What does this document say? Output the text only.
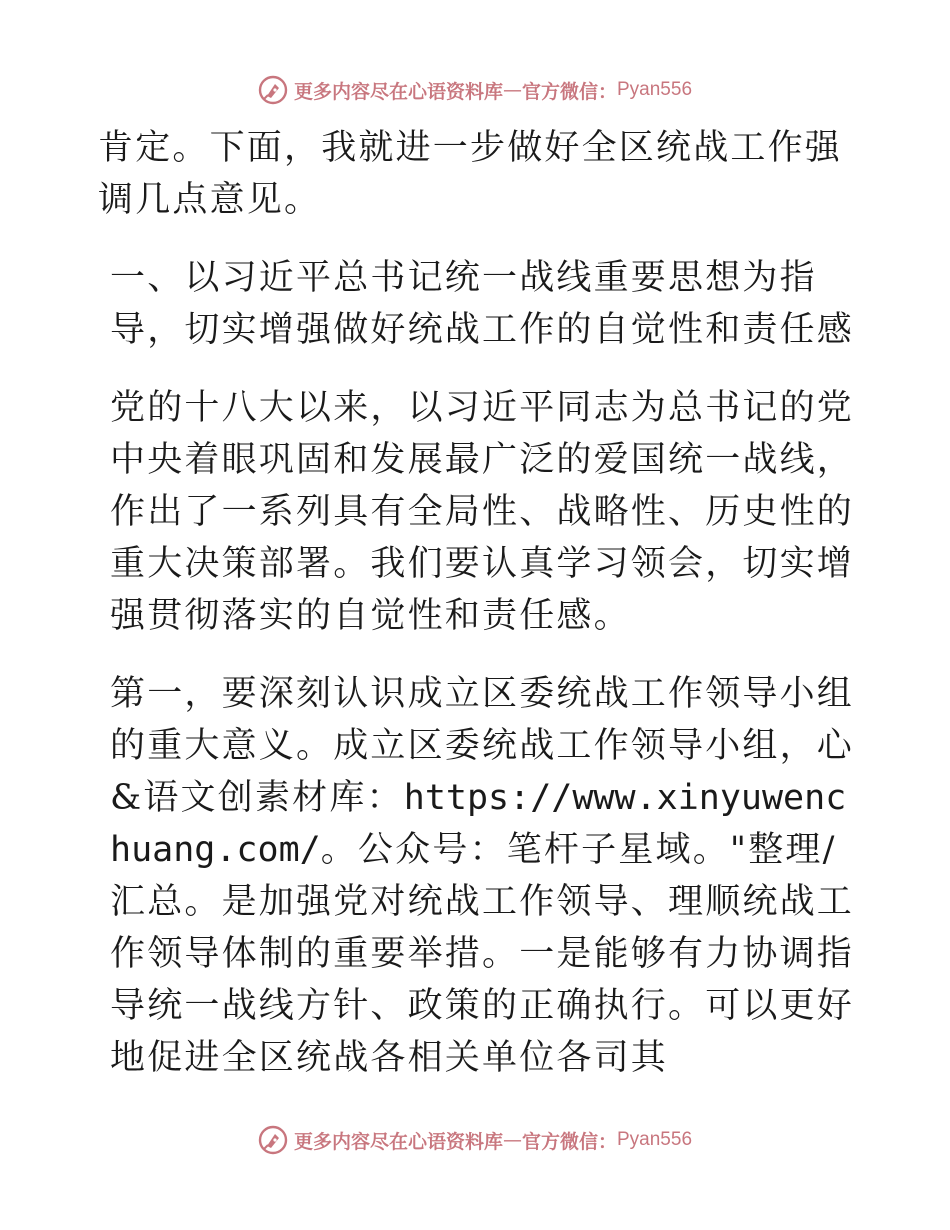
更多内容尽在心语资料库 — 官方微信： Pyan556

肯定。下面，我就进一步做好全区统战工作强调几点意见。

一、以习近平总书记统一战线重要思想为指导，切实增强做好统战工作的自觉性和责任感

党的十八大以来，以习近平同志为总书记的党中央着眼巩固和发展最广泛的爱国统一战线，作出了一系列具有全局性、战略性、历史性的重大决策部署。我们要认真学习领会，切实增强贯彻落实的自觉性和责任感。

第一，要深刻认识成立区委统战工作领导小组的重大意义。成立区委统战工作领导小组，心&语文创素材库：https://www.xinyuwenchuang.com/。公众号：笔杆子星域。"整理/汇总。是加强党对统战工作领导、理顺统战工作领导体制的重要举措。一是能够有力协调指导统一战线方针、政策的正确执行。可以更好地促进全区统战各相关单位各司其

更多内容尽在心语资料库 — 官方微信： Pyan556
